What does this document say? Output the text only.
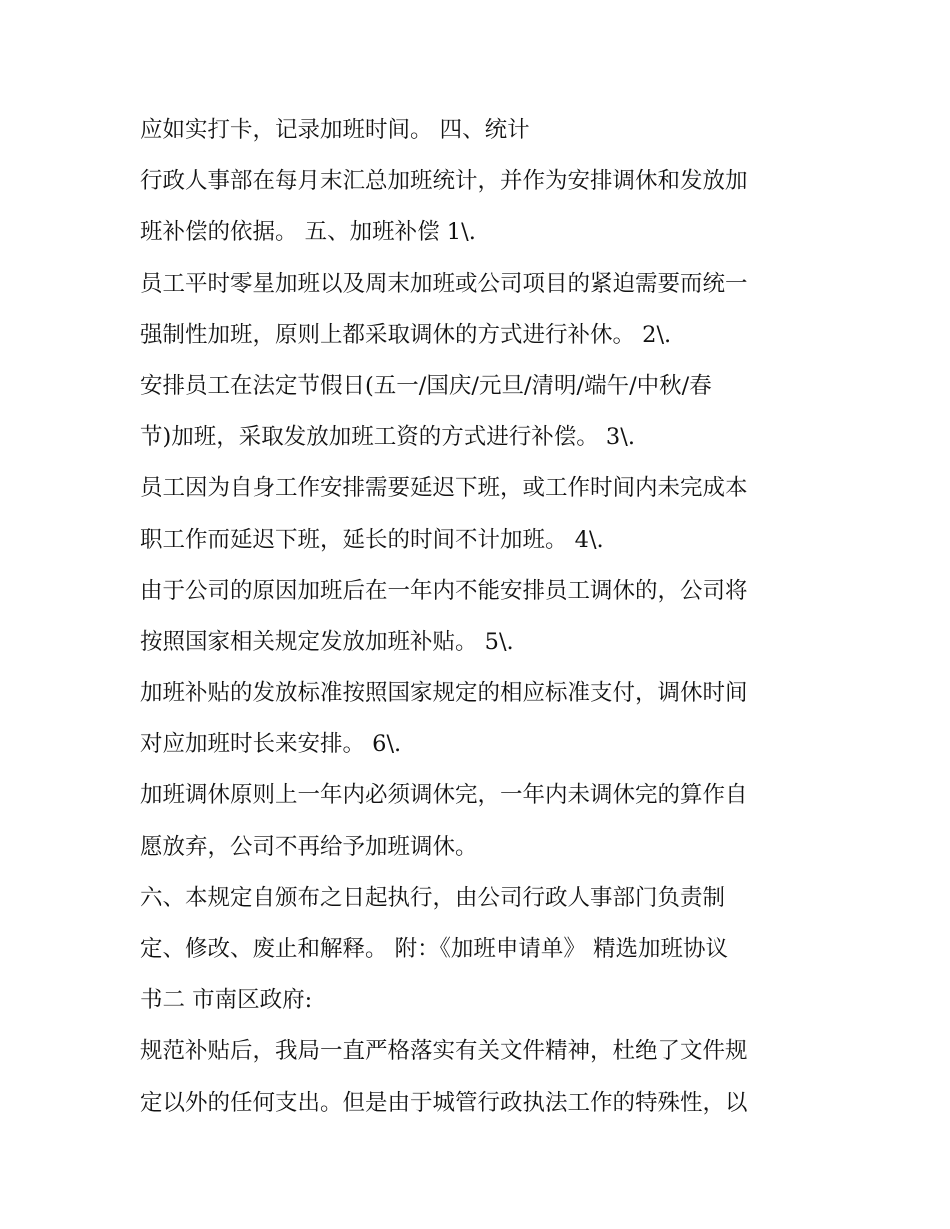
应如实打卡，记录加班时间。 四、统计
行政人事部在每月末汇总加班统计，并作为安排调休和发放加
班补偿的依据。 五、加班补偿 1\.
员工平时零星加班以及周末加班或公司项目的紧迫需要而统一
强制性加班，原则上都采取调休的方式进行补休。 2\.
安排员工在法定节假日(五一/国庆/元旦/清明/端午/中秋/春
节)加班，采取发放加班工资的方式进行补偿。 3\.
员工因为自身工作安排需要延迟下班，或工作时间内未完成本
职工作而延迟下班，延长的时间不计加班。 4\.
由于公司的原因加班后在一年内不能安排员工调休的，公司将
按照国家相关规定发放加班补贴。 5\.
加班补贴的发放标准按照国家规定的相应标准支付，调休时间
对应加班时长来安排。 6\.
加班调休原则上一年内必须调休完，一年内未调休完的算作自
愿放弃，公司不再给予加班调休。
六、本规定自颁布之日起执行，由公司行政人事部门负责制
定、修改、废止和解释。 附：《加班申请单》 精选加班协议
书二 市南区政府:
规范补贴后，我局一直严格落实有关文件精神，杜绝了文件规
定以外的任何支出。但是由于城管行政执法工作的特殊性，以
